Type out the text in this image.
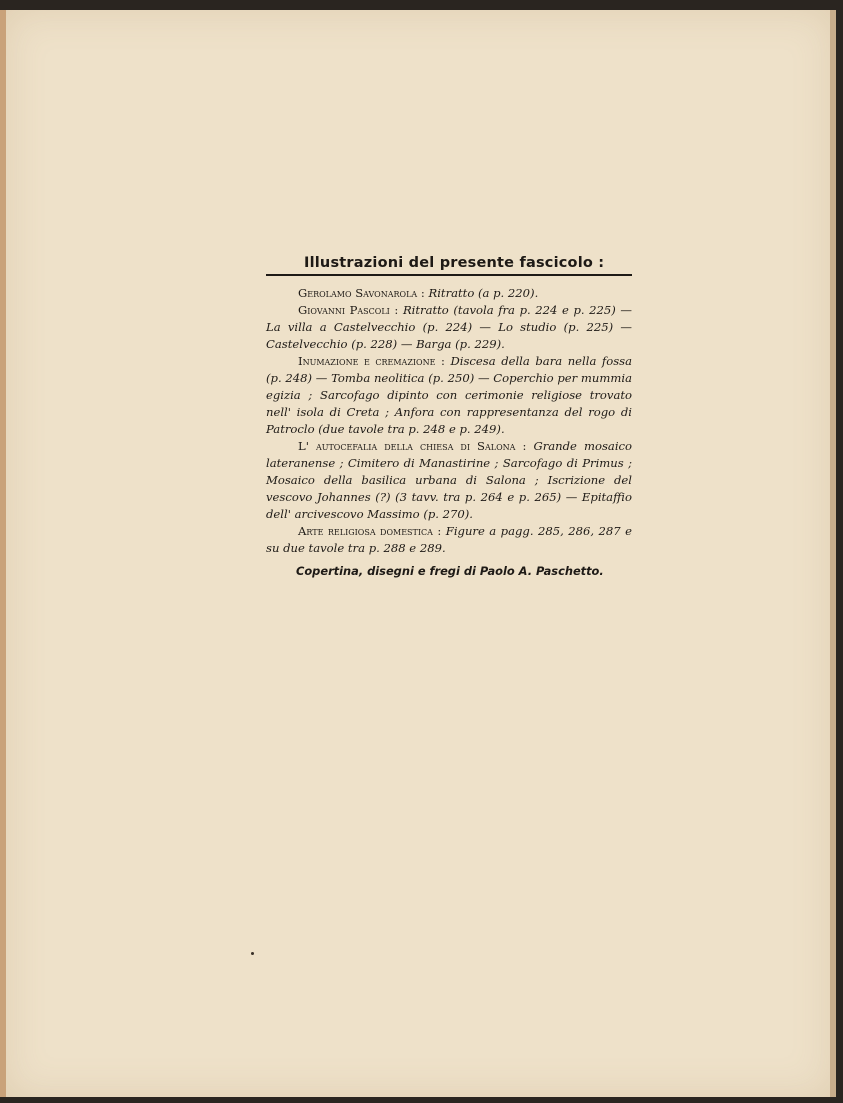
Illustrazioni del presente fascicolo :

Gerolamo Savonarola : Ritratto (a p. 220).

Giovanni Pascoli : Ritratto (tavola fra p. 224 e p. 225) — La villa a Castelvecchio (p. 224) — Lo studio (p. 225) — Castelvecchio (p. 228) — Barga (p. 229).

Inumazione e cremazione : Discesa della bara nella fossa (p. 248) — Tomba neolitica (p. 250) — Coperchio per mummia egizia ; Sarcofago dipinto con cerimonie religiose trovato nell' isola di Creta ; Anfora con rappresentanza del rogo di Patroclo (due tavole tra p. 248 e p. 249).

L' autocefalia della chiesa di Salona : Grande mosaico lateranense ; Cimitero di Manastirine ; Sarcofago di Primus ; Mosaico della basilica urbana di Salona ; Iscrizione del vescovo Johannes (?) (3 tavv. tra p. 264 e p. 265) — Epitaffio dell' arcivescovo Massimo (p. 270).

Arte religiosa domestica : Figure a pagg. 285, 286, 287 e su due tavole tra p. 288 e 289.

Copertina, disegni e fregi di Paolo A. Paschetto.
